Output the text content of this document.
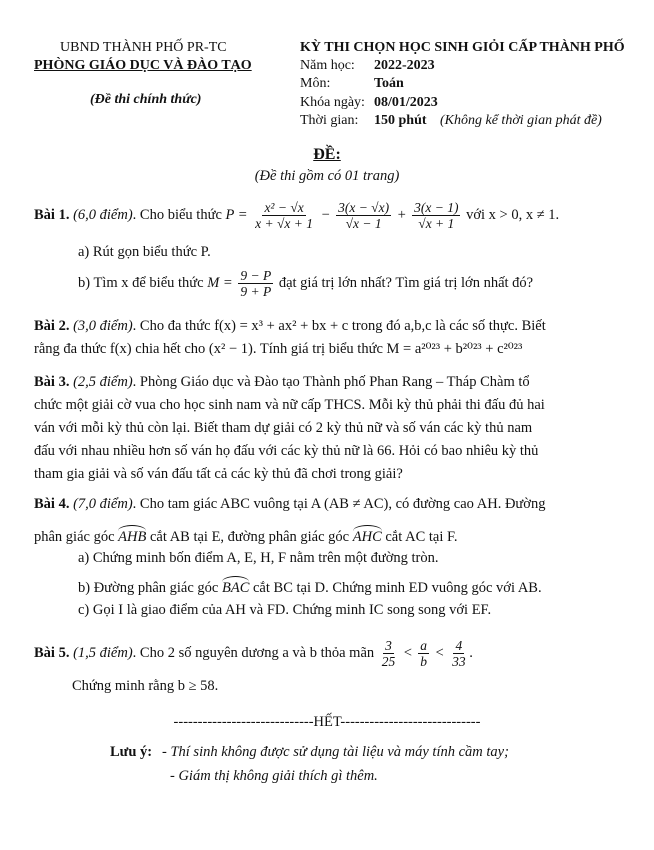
UBND THÀNH PHỐ PR-TC
PHÒNG GIÁO DỤC VÀ ĐÀO TẠO
(Đề thi chính thức)
KỲ THI CHỌN HỌC SINH GIỎI CẤP THÀNH PHỐ
Năm học: 2022-2023
Môn:	Toán
Khóa ngày: 08/01/2023
Thời gian: 150 phút (Không kể thời gian phát đề)
ĐỀ:
(Đề thi gồm có 01 trang)
Bài 1. (6,0 điểm). Cho biểu thức $P = \frac{\text{x² − √x}}{x + √x + 1} - \frac{3(x - √x)}{√x - 1} + \frac{3(x - 1)}{√x + 1}$ với x > 0, x ≠ 1.
a) Rút gọn biểu thức P.
b) Tìm x để biểu thức $M = \frac{9 - P}{9 + P}$ đạt giá trị lớn nhất? Tìm giá trị lớn nhất đó?
Bài 2. (3,0 điểm). Cho đa thức f(x) = x³ + ax² + bx + c trong đó a,b,c là các số thực. Biết
rằng đa thức f(x) chia hết cho (x² − 1). Tính giá trị biểu thức M = a²⁰²³ + b²⁰²³ + c²⁰²³
Bài 3. (2,5 điểm). Phòng Giáo dục và Đào tạo Thành phố Phan Rang – Tháp Chàm tổ
chức một giải cờ vua cho học sinh nam và nữ cấp THCS. Mỗi kỳ thủ phải thi đấu đủ hai
ván với mỗi kỳ thủ còn lại. Biết tham dự giải có 2 kỳ thủ nữ và số ván các kỳ thủ nam
đấu với nhau nhiều hơn số ván họ đấu với các kỳ thủ nữ là 66. Hỏi có bao nhiêu kỳ thủ
tham gia giải và số ván đấu tất cả các kỳ thủ đã chơi trong giải?
Bài 4. (7,0 điểm). Cho tam giác ABC vuông tại A (AB ≠ AC), có đường cao AH. Đường
phân giác góc AHB cắt AB tại E, đường phân giác góc AHC cắt AC tại F.
a) Chứng minh bốn điểm A, E, H, F nằm trên một đường tròn.
b) Đường phân giác góc BAC cắt BC tại D. Chứng minh ED vuông góc với AB.
c) Gọi I là giao điểm của AH và FD. Chứng minh IC song song với EF.
Bài 5. (1,5 điểm). Cho 2 số nguyên dương a và b thỏa mãn $\frac{3}{25} < \frac{a}{b} < \frac{4}{33}$ .
Chứng minh rằng b ≥ 58.
-----------------------------HẾT-----------------------------
Lưu ý: - Thí sinh không được sử dụng tài liệu và máy tính cầm tay;
- Giám thị không giải thích gì thêm.
